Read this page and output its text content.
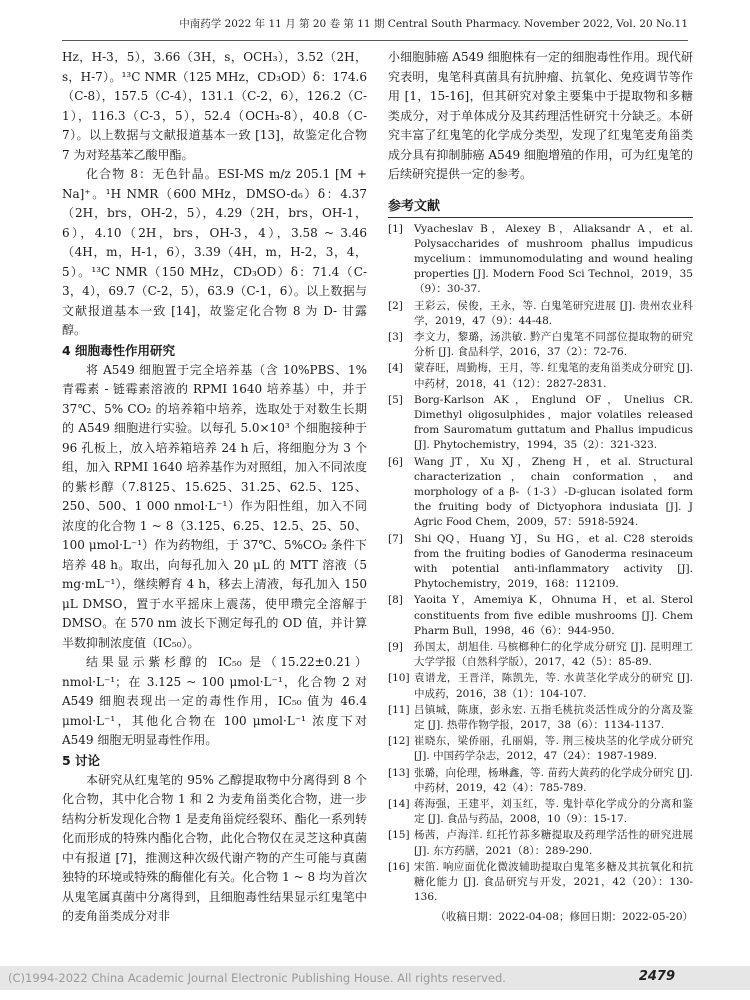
中南药学 2022 年 11 月 第 20 卷 第 11 期 Central South Pharmacy. November 2022, Vol. 20 No.11

Hz，H-3，5），3.66（3H，s，OCH₃），3.52（2H，s，H-7）。¹³C NMR（125 MHz，CD₃OD）δ：174.6（C-8），157.5（C-4），131.1（C-2，6），126.2（C-1），116.3（C-3，5），52.4（OCH₃-8），40.8（C-7）。以上数据与文献报道基本一致 [13]，故鉴定化合物 7 为对羟基苯乙酸甲酯。

化合物 8：无色针晶。ESI-MS m/z 205.1 [M + Na]⁺。¹H NMR（600 MHz，DMSO-d₆）δ：4.37（2H，brs，OH-2，5），4.29（2H，brs，OH-1，6），4.10（2H，brs，OH-3，4），3.58 ~ 3.46（4H，m，H-1，6），3.39（4H，m，H-2，3，4，5）。¹³C NMR（150 MHz，CD₃OD）δ：71.4（C-3，4），69.7（C-2，5），63.9（C-1，6）。以上数据与文献报道基本一致 [14]，故鉴定化合物 8 为 D- 甘露醇。

4 细胞毒性作用研究

将 A549 细胞置于完全培养基（含 10%PBS、1% 青霉素 - 链霉素溶液的 RPMI 1640 培养基）中，并于 37℃、5% CO₂ 的培养箱中培养，选取处于对数生长期的 A549 细胞进行实验。以每孔 5.0×10³ 个细胞接种于 96 孔板上，放入培养箱培养 24 h 后，将细胞分为 3 个组，加入 RPMI 1640 培养基作为对照组，加入不同浓度的紫杉醇（7.8125、15.625、31.25、62.5、125、250、500、1 000 nmol·L⁻¹）作为阳性组，加入不同浓度的化合物 1 ~ 8（3.125、6.25、12.5、25、50、100 μmol·L⁻¹）作为药物组，于 37℃、5%CO₂ 条件下培养 48 h。取出，向每孔加入 20 μL 的 MTT 溶液（5 mg·mL⁻¹），继续孵育 4 h，移去上清液，每孔加入 150 μL DMSO，置于水平摇床上震荡，使甲瓒完全溶解于 DMSO。在 570 nm 波长下测定每孔的 OD 值，并计算半数抑制浓度值（IC₅₀）。

结果显示紫杉醇的 IC₅₀ 是（15.22±0.21）nmol·L⁻¹；在 3.125 ~ 100 μmol·L⁻¹，化合物 2 对 A549 细胞表现出一定的毒性作用，IC₅₀ 值为 46.4 μmol·L⁻¹，其他化合物在 100 μmol·L⁻¹ 浓度下对 A549 细胞无明显毒性作用。

5 讨论

本研究从红鬼笔的 95% 乙醇提取物中分离得到 8 个化合物，其中化合物 1 和 2 为麦角甾类化合物，进一步结构分析发现化合物 1 是麦角甾烷经裂环、酯化一系列转化而形成的特殊内酯化合物，此化合物仅在灵芝这种真菌中有报道 [7]，推测这种次级代谢产物的产生可能与真菌独特的环境或特殊的酶催化有关。化合物 1 ~ 8 均为首次从鬼笔属真菌中分离得到，且细胞毒性结果显示红鬼笔中的麦角甾类成分对非

小细胞肺癌 A549 细胞株有一定的细胞毒性作用。现代研究表明，鬼笔科真菌具有抗肿瘤、抗氧化、免疫调节等作用 [1，15-16]，但其研究对象主要集中于提取物和多糖类成分，对于单体成分及其药理活性研究十分缺乏。本研究丰富了红鬼笔的化学成分类型，发现了红鬼笔麦角甾类成分具有抑制肺癌 A549 细胞增殖的作用，可为红鬼笔的后续研究提供一定的参考。

参考文献
[1]	Vyacheslav B，Alexey B，Aliaksandr A，et al. Polysaccharides of mushroom phallus impudicus mycelium：immunomodulating and wound healing properties [J]. Modern Food Sci Technol，2019，35（9）：30-37.
[2]	王彩云，侯俊，王永，等. 白鬼笔研究进展 [J]. 贵州农业科学，2019，47（9）：44-48.
[3]	李文力，黎璐，汤洪敏. 黔产白鬼笔不同部位提取物的研究分析 [J]. 食品科学，2016，37（2）：72-76.
[4]	蒙春旺，周勤梅，王月，等. 红鬼笔的麦角甾类成分研究 [J]. 中药材，2018，41（12）：2827-2831.
[5]	Borg-Karlson AK，Englund OF，Unelius CR. Dimethyl oligosulphides，major volatiles released from Sauromatum guttatum and Phallus impudicus [J]. Phytochemistry，1994，35（2）：321-323.
[6]	Wang JT，Xu XJ，Zheng H，et al. Structural characterization，chain conformation，and morphology of a β-（1-3）-D-glucan isolated form the fruiting body of Dictyophora indusiata [J]. J Agric Food Chem，2009，57：5918-5924.
[7]	Shi QQ，Huang YJ，Su HG，et al. C28 steroids from the fruiting bodies of Ganoderma resinaceum with potential anti-inflammatory activity [J]. Phytochemistry，2019，168：112109.
[8]	Yaoita Y，Amemiya K，Ohnuma H，et al. Sterol constituents from five edible mushrooms [J]. Chem Pharm Bull，1998，46（6）：944-950.
[9]	孙国太，胡旭佳. 马槟榔种仁的化学成分研究 [J]. 昆明理工大学学报（自然科学版），2017，42（5）：85-89.
[10] 袁谱龙，王晋洋，陈凯先，等. 水黄茎化学成分的研究 [J]. 中成药，2016，38（1）：104-107.
[11] 吕镇城，陈康，彭永宏. 五指毛桃抗炎活性成分的分离及鉴定 [J]. 热带作物学报，2017，38（6）：1134-1137.
[12] 崔晓东，梁侨丽，孔丽娟，等. 荆三棱块茎的化学成分研究 [J]. 中国药学杂志，2012，47（24）：1987-1989.
[13] 张璐，向伦理，杨琳鑫，等. 苗药大黄药的化学成分研究 [J]. 中药材，2019，42（4）：785-789.
[14] 蒋海强，王建平，刘玉红，等. 鬼针草化学成分的分离和鉴定 [J]. 食品与药品，2008，10（9）：15-17.
[15] 杨茜，卢海洋. 红托竹荪多糖提取及药理学活性的研究进展 [J]. 东方药膳，2021（8）：289-290.
[16] 宋笛. 响应面优化微波辅助提取白鬼笔多糖及其抗氧化和抗糖化能力 [J]. 食品研究与开发，2021，42（20）：130-136.
（收稿日期：2022-04-08；修回日期：2022-05-20）
(C)1994-2022 China Academic Journal Electronic Publishing House. All rights reserved.	2479
